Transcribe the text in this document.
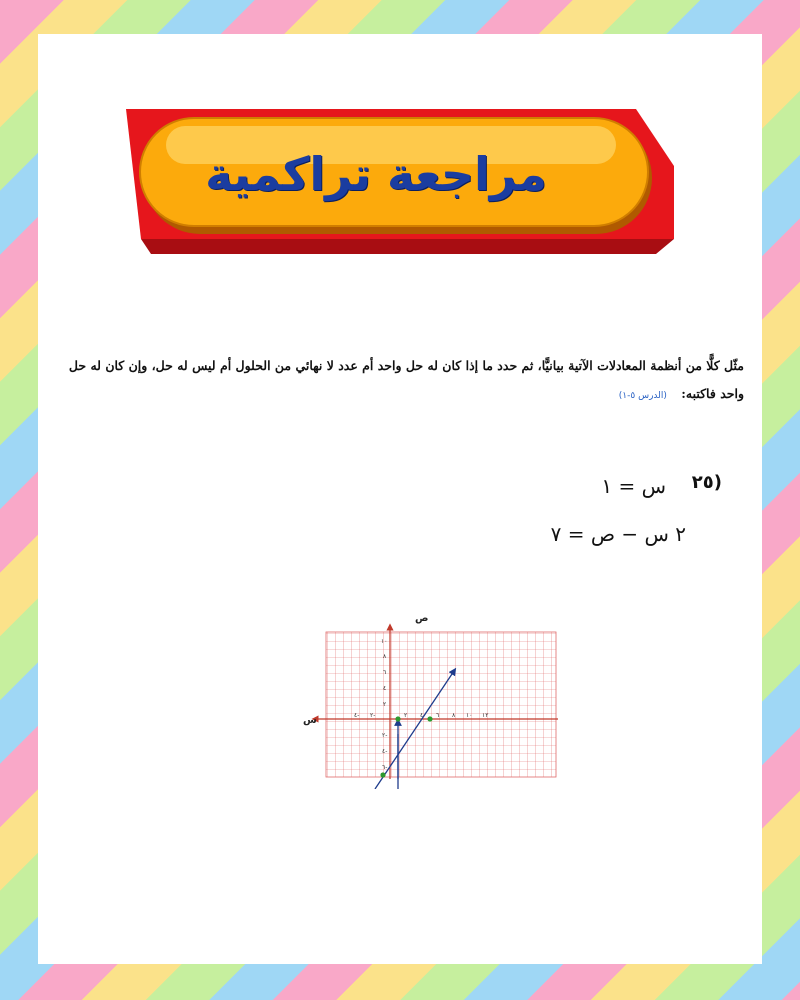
مراجعة تراكمية
مثّل كلًّا من أنظمة المعادلات الآتية بيانيًّا، ثم حدد ما إذا كان له حل واحد أم عدد لا نهائي من الحلول أم ليس له حل، وإن كان له حل واحد فاكتبه: (الدرس ٥-١)
٢٥)
س = ١
٢ س − ص = ٧
ص
س
١٠
٨
٦
٤
٢
٢-
٤-
٦-
٤- ٢-	٢ ٤ ٦ ٨ ١٠ ١٢
